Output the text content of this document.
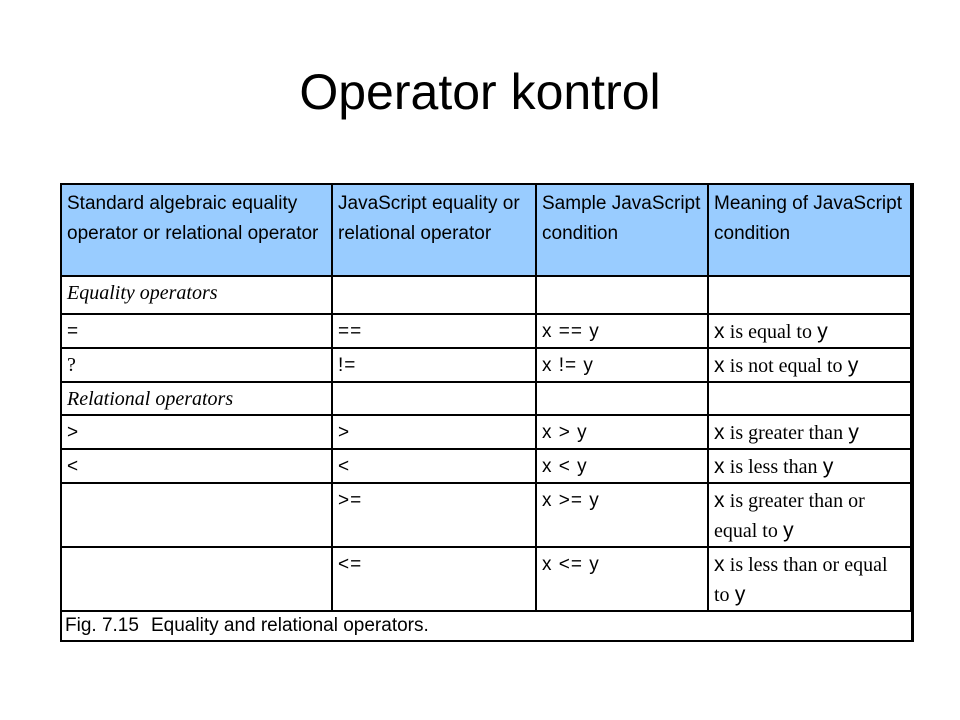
Operator kontrol
Standard algebraic equality operator or relational operator	JavaScript equality or relational operator	Sample JavaScript condition	Meaning of JavaScript condition
Equality operators			
=	==	x == y	x is equal to y
?	!=	x != y	x is not equal to y
Relational operators			
>	>	x > y	x is greater than y
<	<	x < y	x is less than y
	>=	x >= y	x is greater than or equal to y
	<=	x <= y	x is less than or equal to y
Fig. 7.15 Equality and relational operators.
